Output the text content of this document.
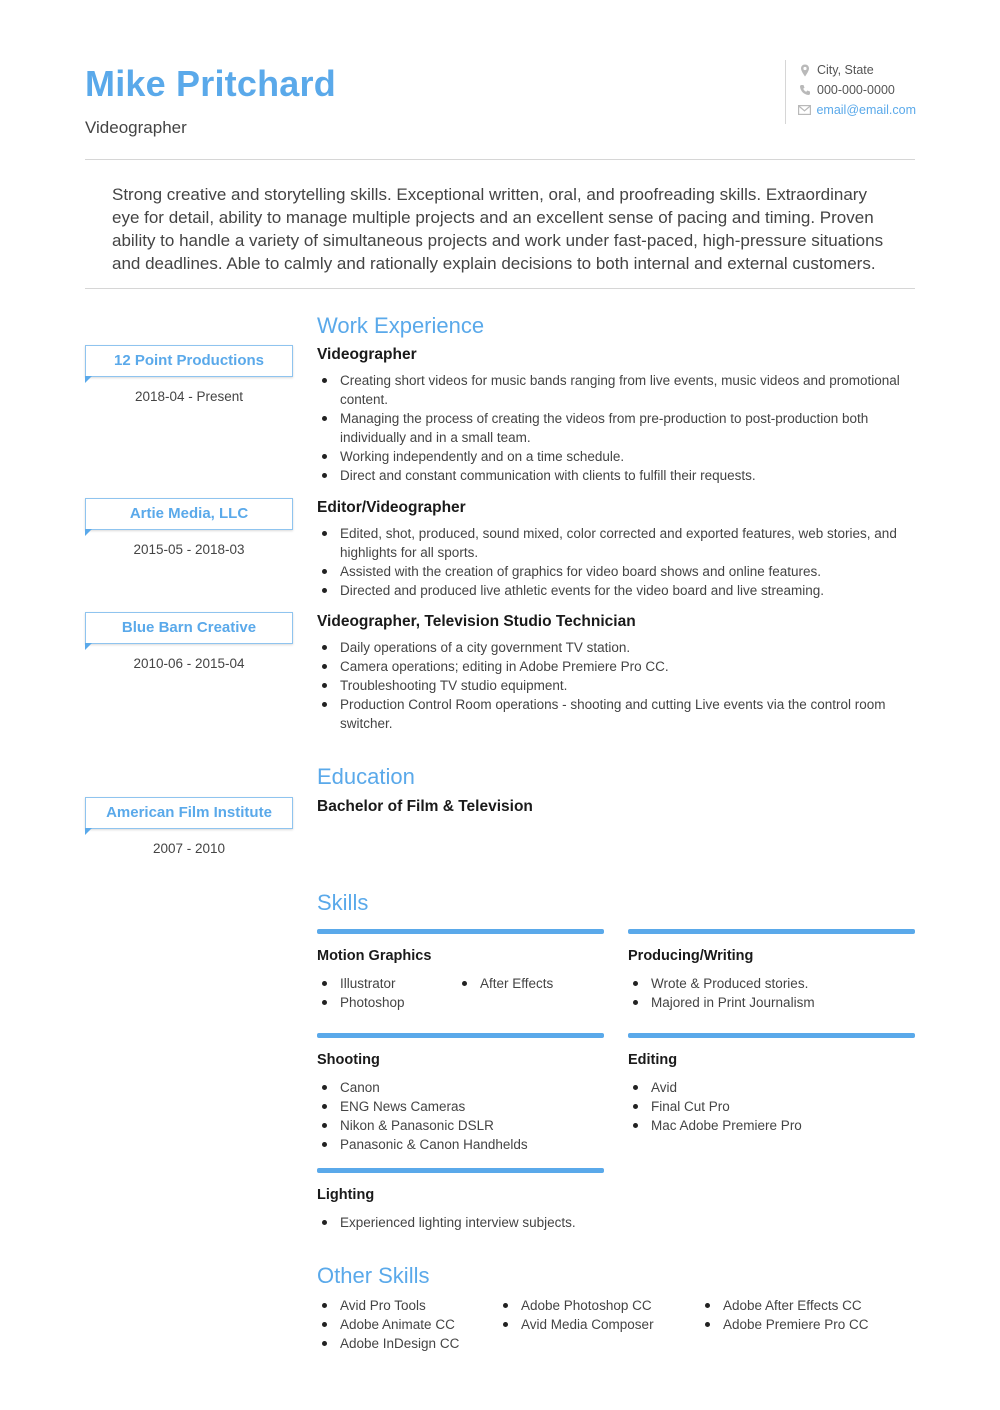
Mike Pritchard
Videographer
City, State
000-000-0000
email@email.com
Strong creative and storytelling skills. Exceptional written, oral, and proofreading skills. Extraordinary eye for detail, ability to manage multiple projects and an excellent sense of pacing and timing. Proven ability to handle a variety of simultaneous projects and work under fast-paced, high-pressure situations and deadlines. Able to calmly and rationally explain decisions to both internal and external customers.
Work Experience
12 Point Productions
2018-04 - Present
Videographer
Creating short videos for music bands ranging from live events, music videos and promotional content.
Managing the process of creating the videos from pre-production to post-production both individually and in a small team.
Working independently and on a time schedule.
Direct and constant communication with clients to fulfill their requests.
Artie Media, LLC
2015-05 - 2018-03
Editor/Videographer
Edited, shot, produced, sound mixed, color corrected and exported features, web stories, and highlights for all sports.
Assisted with the creation of graphics for video board shows and online features.
Directed and produced live athletic events for the video board and live streaming.
Blue Barn Creative
2010-06 - 2015-04
Videographer, Television Studio Technician
Daily operations of a city government TV station.
Camera operations; editing in Adobe Premiere Pro CC.
Troubleshooting TV studio equipment.
Production Control Room operations - shooting and cutting Live events via the control room switcher.
Education
American Film Institute
2007 - 2010
Bachelor of Film & Television
Skills
Motion Graphics
Illustrator
Photoshop
After Effects
Producing/Writing
Wrote & Produced stories.
Majored in Print Journalism
Shooting
Canon
ENG News Cameras
Nikon & Panasonic DSLR
Panasonic & Canon Handhelds
Editing
Avid
Final Cut Pro
Mac Adobe Premiere Pro
Lighting
Experienced lighting interview subjects.
Other Skills
Avid Pro Tools
Adobe Animate CC
Adobe InDesign CC
Adobe Photoshop CC
Avid Media Composer
Adobe After Effects CC
Adobe Premiere Pro CC
